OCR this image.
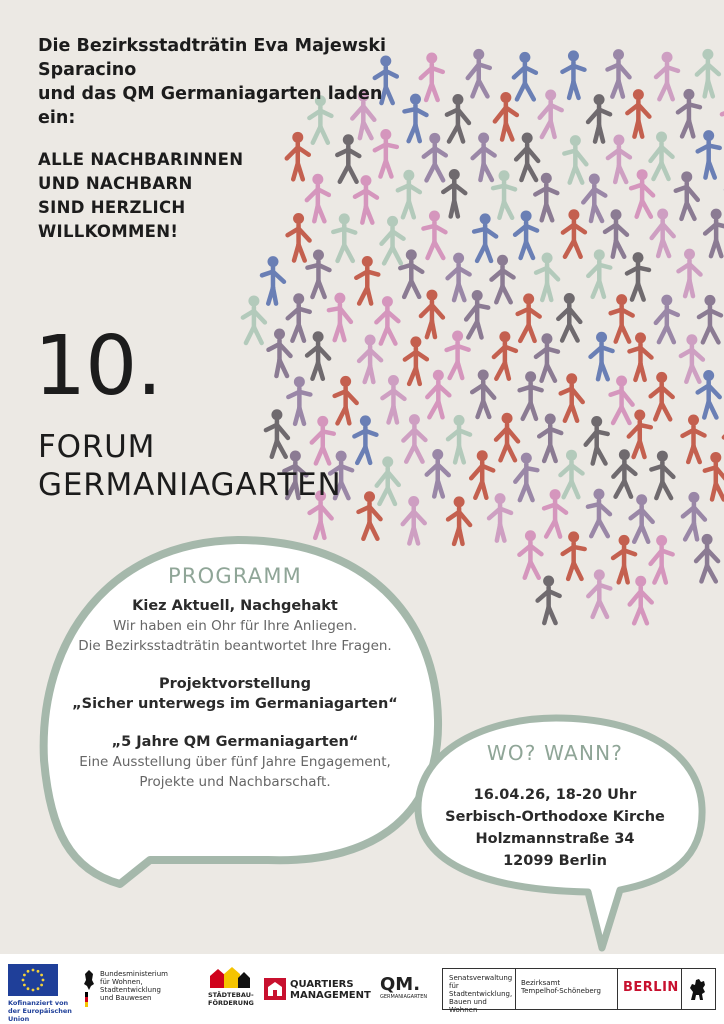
Die Bezirksstadträtin Eva Majewski Sparacino
und das QM Germaniagarten laden ein:
ALLE NACHBARINNEN
UND NACHBARN
SIND HERZLICH
WILLKOMMEN!
10.
FORUM
GERMANIAGARTEN
PROGRAMM
Kiez Aktuell, Nachgehakt
Wir haben ein Ohr für Ihre Anliegen.
Die Bezirksstadträtin beantwortet Ihre Fragen.
Projektvorstellung
„Sicher unterwegs im Germaniagarten“
„5 Jahre QM Germaniagarten“
Eine Ausstellung über fünf Jahre Engagement,
Projekte und Nachbarschaft.
WO? WANN?
16.04.26, 18-20 Uhr
Serbisch-Orthodoxe Kirche
Holzmannstraße 34
12099 Berlin
Kofinanziert von der Europäischen Union
Bundesministerium
für Wohnen, Stadtentwicklung
und Bauwesen	STÄDTEBAU-
FÖRDERUNG
QUARTIERS
MANAGEMENT
QM.
GERMANIAGARTEN
Senatsverwaltung
für Stadtentwicklung,
Bauen und Wohnen
Bezirksamt
Tempelhof-Schöneberg	BERLIN
